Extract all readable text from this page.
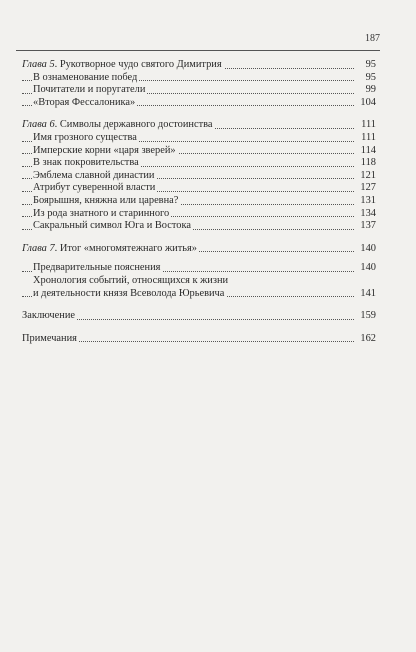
187
Глава 5. Рукотворное чудо святого Димитрия	95
В ознаменование побед	95
Почитатели и поругатели	99
«Вторая Фессалоника»	104
Глава 6. Символы державного достоинства	111
Имя грозного существа	111
Имперские корни «царя зверей»	114
В знак покровительства	118
Эмблема славной династии	121
Атрибут суверенной власти	127
Боярышня, княжна или царевна?	131
Из рода знатного и старинного	134
Сакральный символ Юга и Востока	137
Глава 7. Итог «многомятежнаго житья»	140
Предварительные пояснения	140
Хронология событий, относящихся к жизни
и деятельности князя Всеволода Юрьевича	141
Заключение	159
Примечания	162
